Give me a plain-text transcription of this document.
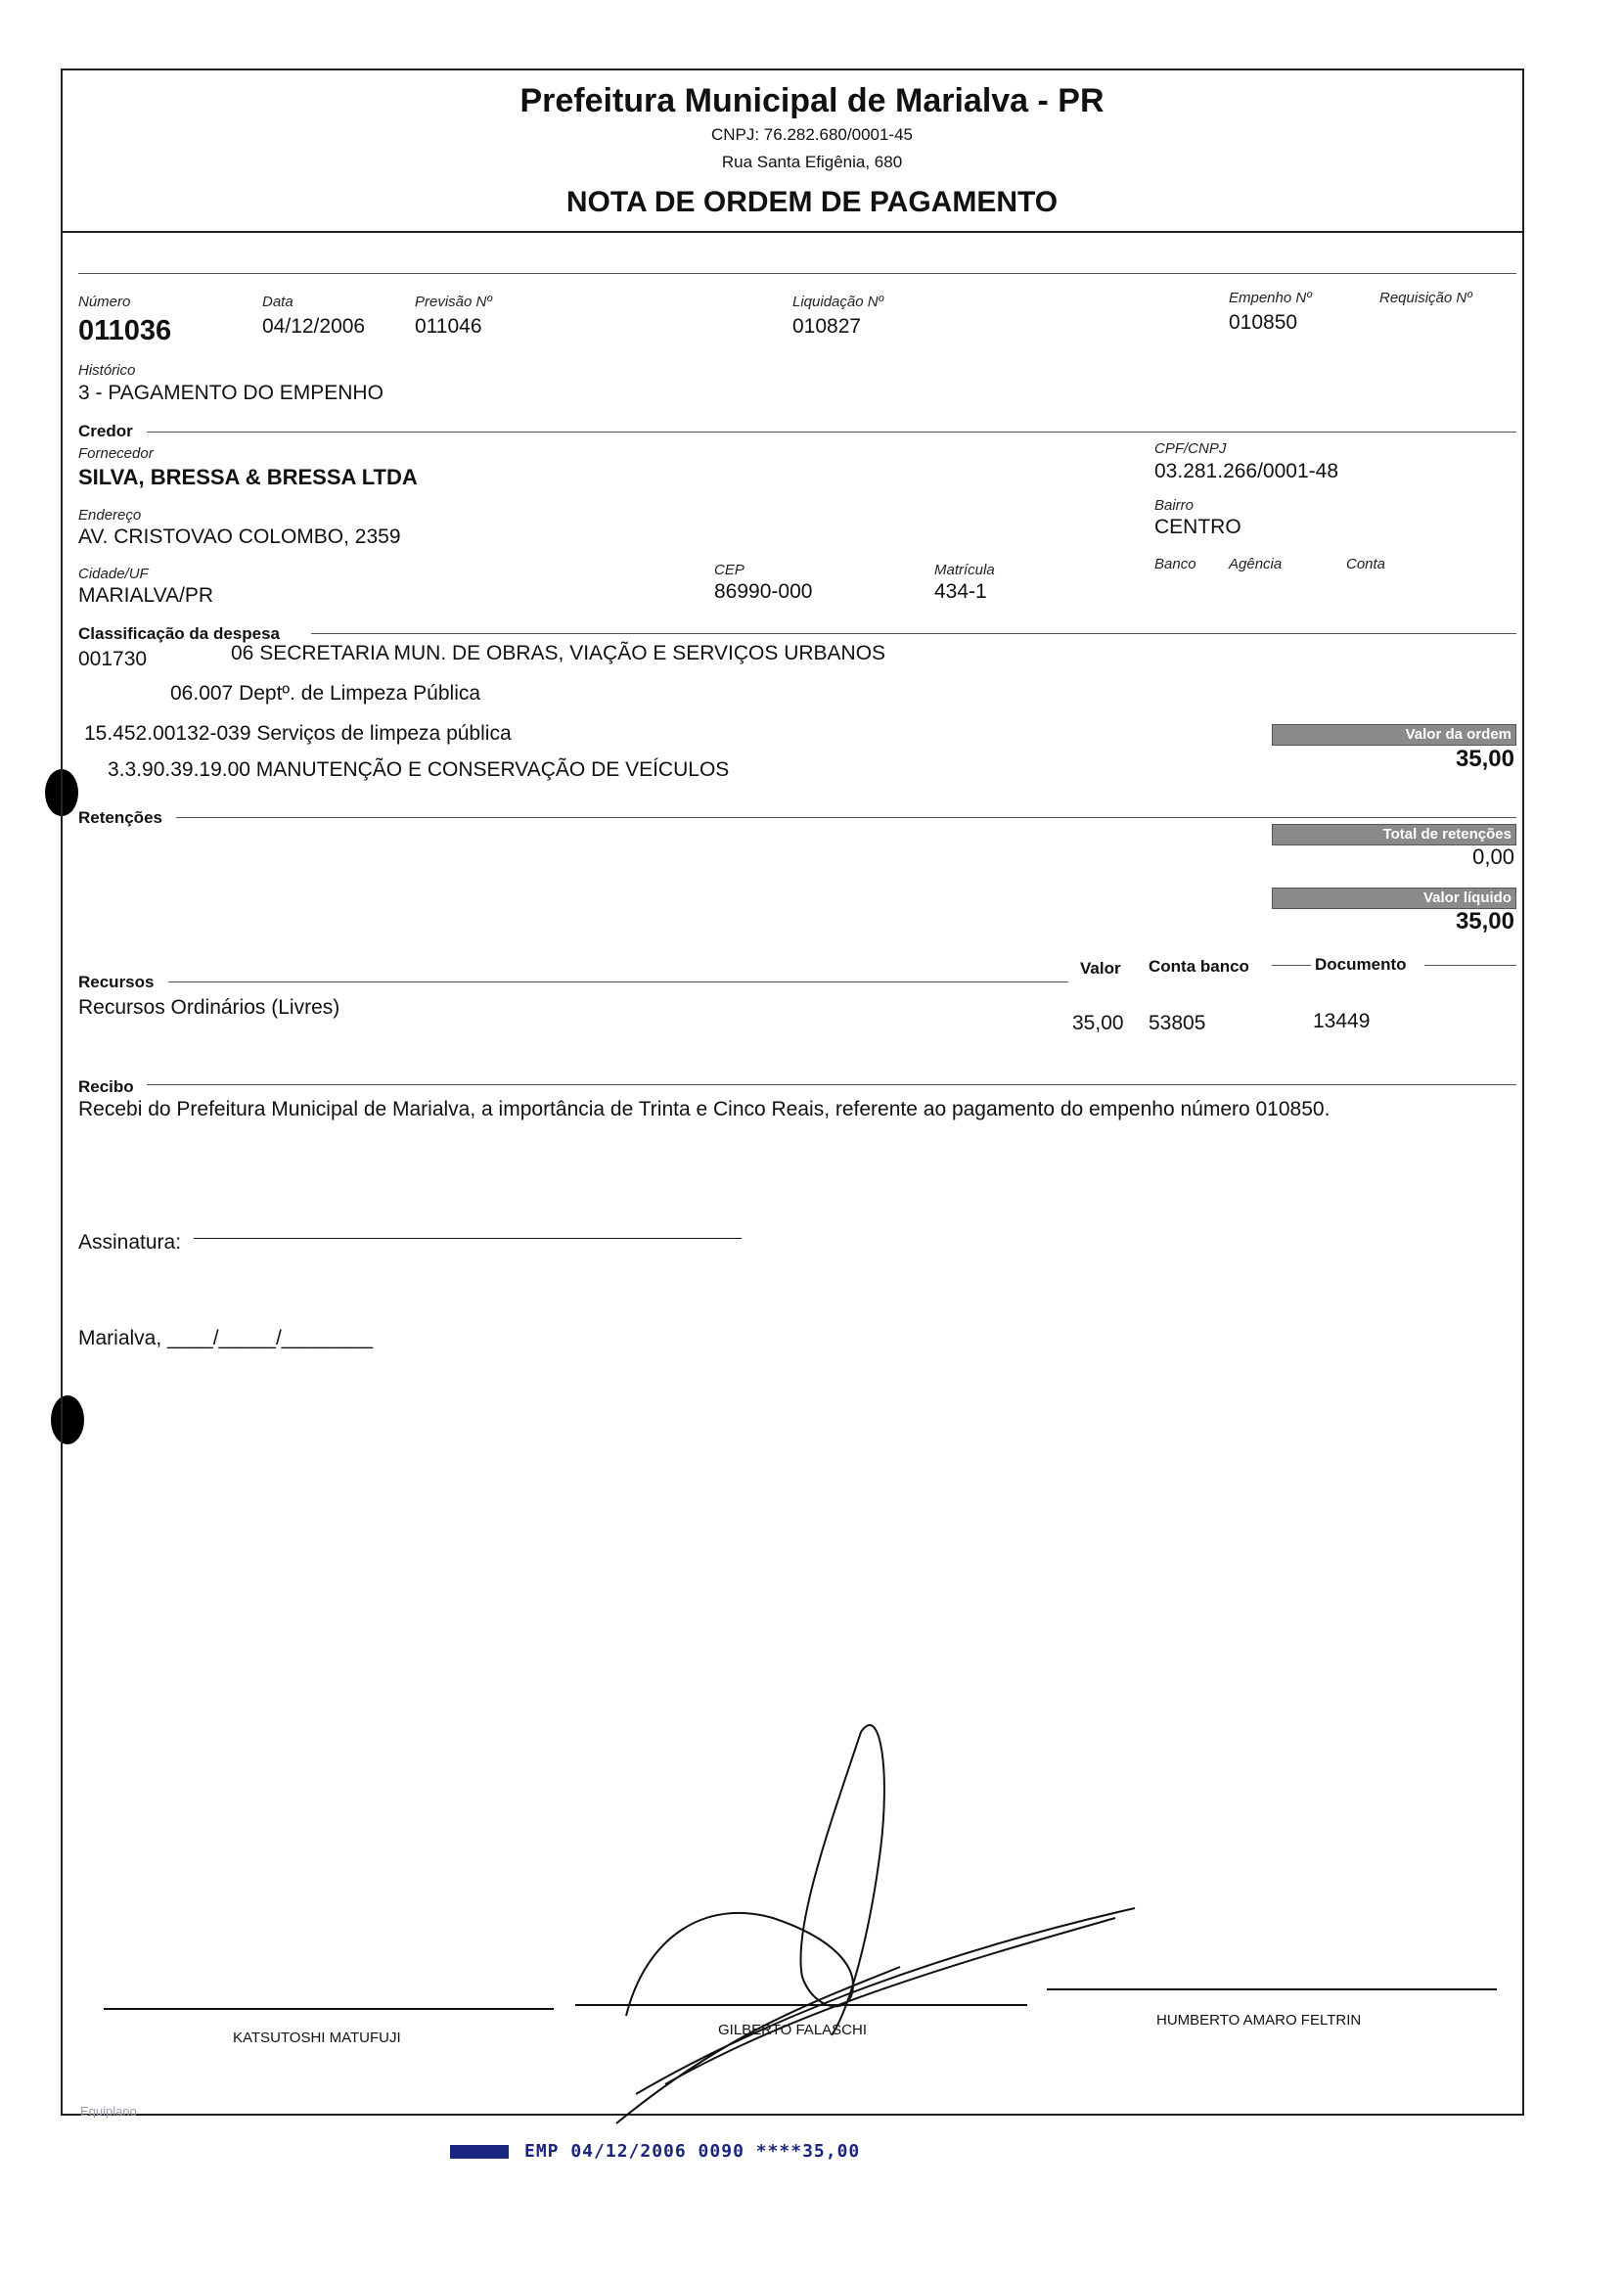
Prefeitura Municipal de Marialva - PR
CNPJ: 76.282.680/0001-45
Rua Santa Efigênia, 680
NOTA DE ORDEM DE PAGAMENTO
Número
011036
Data
04/12/2006
Previsão Nº
011046
Liquidação Nº
010827
Empenho Nº
010850
Requisição Nº
Histórico
3 - PAGAMENTO DO EMPENHO
Credor
Fornecedor
SILVA, BRESSA & BRESSA LTDA
CPF/CNPJ
03.281.266/0001-48
Endereço
AV. CRISTOVAO COLOMBO, 2359
Bairro
CENTRO
Cidade/UF
MARIALVA/PR
CEP
86990-000
Matrícula
434-1
Banco Agência	Conta
Classificação da despesa
001730	06 SECRETARIA MUN. DE OBRAS, VIAÇÃO E SERVIÇOS URBANOS
06.007 Deptº. de Limpeza Pública
15.452.00132-039 Serviços de limpeza pública
3.3.90.39.19.00 MANUTENÇÃO E CONSERVAÇÃO DE VEÍCULOS
Valor da ordem
35,00
Retenções
Total de retenções
0,00
Valor líquido
35,00
Recursos
Valor Conta banco	Documento
Recursos Ordinários (Livres)
35,00 53805	13449
Recibo
Recebi do Prefeitura Municipal de Marialva, a importância de Trinta e Cinco Reais, referente ao pagamento do empenho número 010850.
Assinatura:
Marialva, ____/_____/________
KATSUTOSHI MATUFUJI	GILBERTO FALASCHI
HUMBERTO AMARO FELTRIN
Equiplano
EMP 04/12/2006 0090 ****35,00
